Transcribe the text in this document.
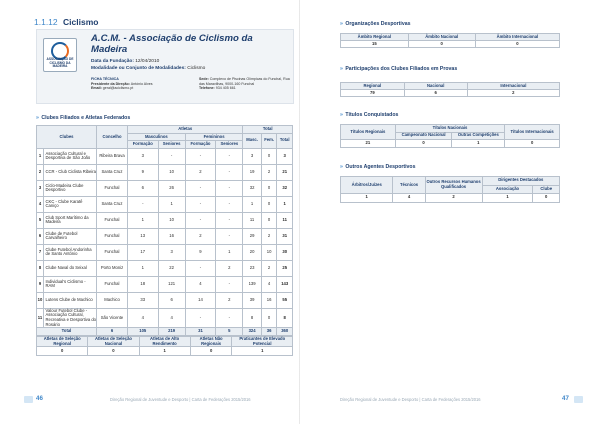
1.1.12 Ciclismo
ASSOCIAÇÃO DE CICLISMO DA MADEIRA
A.C.M. - Associação de Ciclismo da Madeira
Data da Fundação: 12/04/2010
Modalidade ou Conjunto de Modalidades: Ciclismo
FICHA TÉCNICA
Presidente da Direção: António Alves
Email: geral@aciclismo.pt
Sede: Complexo de Piscinas Olímpicas do Funchal, Rua das Maravilhas, 9000-160 Funchal
Telefone: 934 405 661
» Clubes Filiados e Atletas Federados
Clubes		Concelho	Atletas				Total		
			Masculinos		Femininos		Masc.	Fem.	Total
			Formação	Seniores	Formação	Seniores			
1	Associação Cultural e Desportiva de São João	Ribeira Brava	3	-	-	-	3	0	3
2	CCR - Club Ciclista Ribeira	Santa Cruz	9	10	2	-	19	2	21
3	Ciclo-Madeira Clube Desportivo	Funchal	6	26	-	-	32	0	32
4	CKC - Clube Karatê Caniço	Santa Cruz	-	1	-	-	1	0	1
5	Club Sport Marítimo da Madeira	Funchal	1	10	-	-	11	0	11
6	Clube de Futebol Carvalheiro	Funchal	13	16	2	-	29	2	31
7	Clube Futebol Andorinha de Santo António	Funchal	17	3	9	1	20	10	30
8	Clube Naval do Seixal	Porto Moniz	1	22	-	2	23	2	25
9	Individual's Ciclismo - RAM	Funchal	18	121	4	-	139	4	143
10	Lutens Clube de Machico	Machico	33	6	14	2	39	16	55
11	Valour Futebol Clube - Associação Cultural, Recreativa e Desportiva do Rosário	São Vicente	4	4	-	-	8	0	8
Total		6	105	219	31	5	324	36	360
Atletas de Seleção Regional	Atletas de Seleção Nacional	Atletas de Alto Rendimento	Atletas Não Regionais	Praticantes de Elevado Potencial
0	0	1	0	1
46	Direção Regional de Juventude e Desporto | Carta de Federações 2015/2016
» Organizações Desportivas
» Participações dos Clubes Filiados em Provas
» Títulos Conquistados
» Outros Agentes Desportivos
Direção Regional de Juventude e Desporto | Carta de Federações 2015/2016	47
Âmbito Regional	Âmbito Nacional	Âmbito Internacional
15	0	0
Regional	Nacional	Internacional
79	6	2
Títulos Regionais	Títulos Nacionais		Títulos Internacionais
	Campeonato Nacional	Outras Competições	
21	0	1	0
Árbitros/Juízes	Técnicos	Outros Recursos Humanos Qualificados	Dirigentes Destacados	
			Associação	Clube
1	4	2	1	0
